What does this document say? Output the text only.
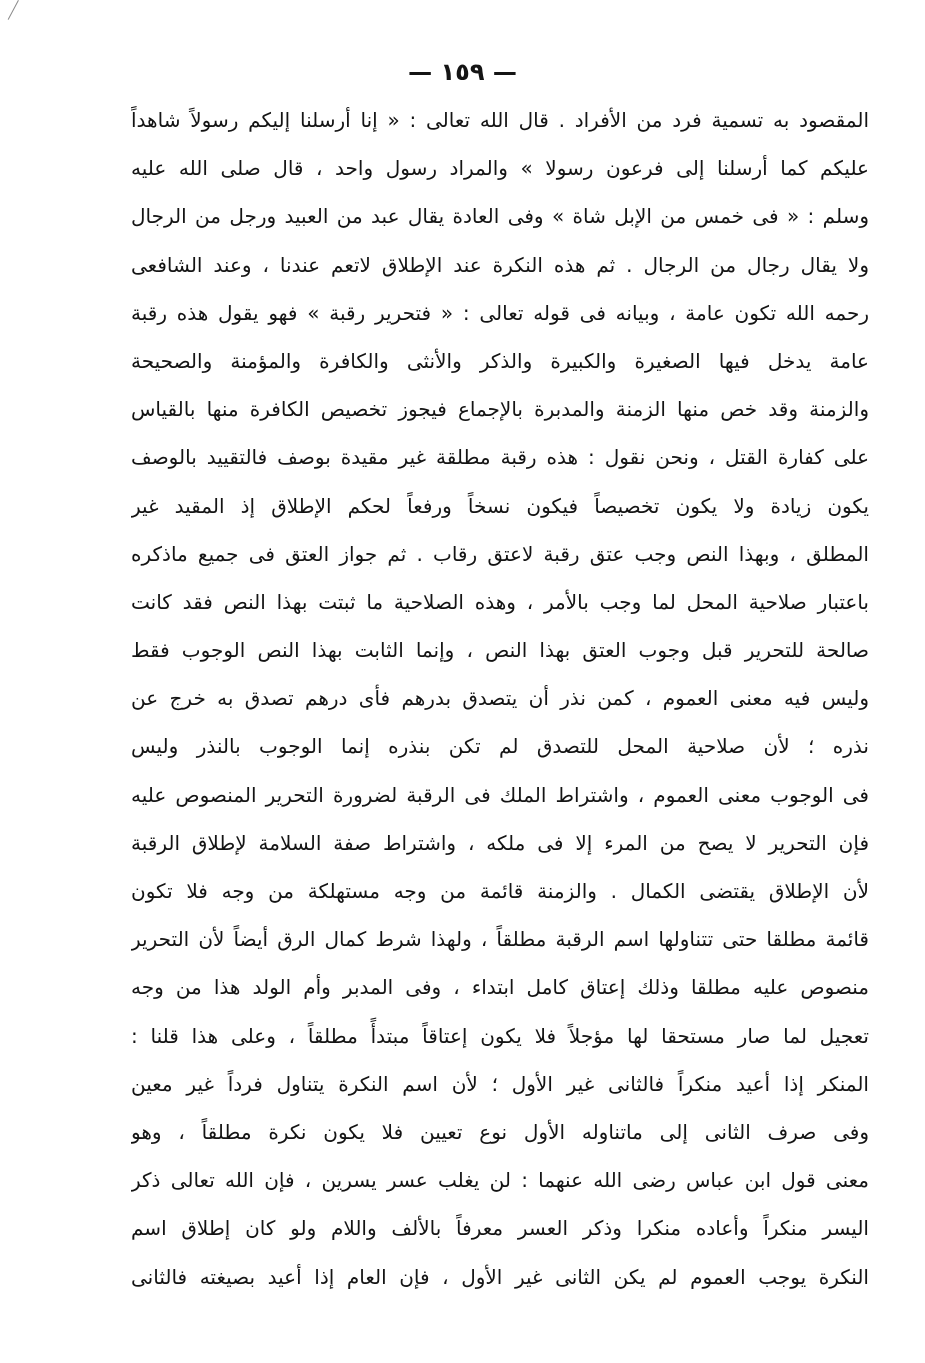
— ١٥٩ —
المقصود به تسمية فرد من الأفراد . قال الله تعالى : « إنا أرسلنا إليكم رسولاً شاهداً
عليكم كما أرسلنا إلى فرعون رسولا » والمراد رسول واحد ، قال صلى الله عليه
وسلم : « فى خمس من الإبل شاة » وفى العادة يقال عبد من العبيد ورجل من الرجال
ولا يقال رجال من الرجال . ثم هذه النكرة عند الإطلاق لاتعم عندنا ، وعند الشافعى
رحمه الله تكون عامة ، وبيانه فى قوله تعالى : « فتحرير رقبة » فهو يقول هذه رقبة
عامة يدخل فيها الصغيرة والكبيرة والذكر والأنثى والكافرة والمؤمنة والصحيحة
والزمنة وقد خص منها الزمنة والمدبرة بالإجماع فيجوز تخصيص الكافرة منها بالقياس
على كفارة القتل ، ونحن نقول : هذه رقبة مطلقة غير مقيدة بوصف فالتقييد بالوصف
يكون زيادة ولا يكون تخصيصاً فيكون نسخاً ورفعاً لحكم الإطلاق إذ المقيد غير
المطلق ، وبهذا النص وجب عتق رقبة لاعتق رقاب . ثم جواز العتق فى جميع ماذكره
باعتبار صلاحية المحل لما وجب بالأمر ، وهذه الصلاحية ما ثبتت بهذا النص فقد كانت
صالحة للتحرير قبل وجوب العتق بهذا النص ، وإنما الثابت بهذا النص الوجوب فقط
وليس فيه معنى العموم ، كمن نذر أن يتصدق بدرهم فأى درهم تصدق به خرج عن
نذره ؛ لأن صلاحية المحل للتصدق لم تكن بنذره إنما الوجوب بالنذر وليس
فى الوجوب معنى العموم ، واشتراط الملك فى الرقبة لضرورة التحرير المنصوص عليه
فإن التحرير لا يصح من المرء إلا فى ملكه ، واشتراط صفة السلامة لإطلاق الرقبة
لأن الإطلاق يقتضى الكمال . والزمنة قائمة من وجه مستهلكة من وجه فلا تكون
قائمة مطلقا حتى تتناولها اسم الرقبة مطلقاً ، ولهذا شرط كمال الرق أيضاً لأن التحرير
منصوص عليه مطلقا وذلك إعتاق كامل ابتداء ، وفى المدبر وأم الولد هذا من وجه
تعجيل لما صار مستحقا لها مؤجلاً فلا يكون إعتاقاً مبتدأً مطلقاً ، وعلى هذا قلنا :
المنكر إذا أعيد منكراً فالثانى غير الأول ؛ لأن اسم النكرة يتناول فرداً غير معين
وفى صرف الثانى إلى ماتناوله الأول نوع تعيين فلا يكون نكرة مطلقاً ، وهو
معنى قول ابن عباس رضى الله عنهما : لن يغلب عسر يسرين ، فإن الله تعالى ذكر
اليسر منكراً وأعاده منكرا وذكر العسر معرفاً بالألف واللام ولو كان إطلاق اسم
النكرة يوجب العموم لم يكن الثانى غير الأول ، فإن العام إذا أعيد بصيغته فالثانى
